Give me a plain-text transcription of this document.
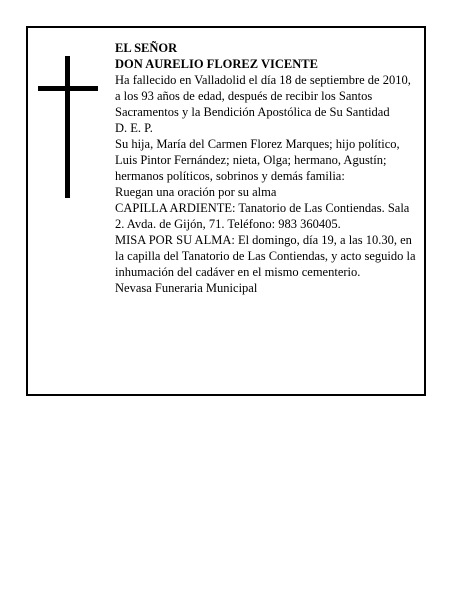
EL SEÑOR

DON AURELIO FLOREZ VICENTE

Ha fallecido en Valladolid el día 18 de septiembre de 2010, a los 93 años de edad, después de recibir los Santos Sacramentos y la Bendición Apostólica de Su Santidad

D. E. P.

Su hija, María del Carmen Florez Marques; hijo político, Luis Pintor Fernández; nieta, Olga; hermano, Agustín; hermanos políticos, sobrinos y demás familia:

Ruegan una oración por su alma

CAPILLA ARDIENTE: Tanatorio de Las Contiendas. Sala 2. Avda. de Gijón, 71. Teléfono: 983 360405.

MISA POR SU ALMA: El domingo, día 19, a las 10.30, en la capilla del Tanatorio de Las Contiendas, y acto seguido la inhumación del cadáver en el mismo cementerio.

Nevasa Funeraria Municipal
